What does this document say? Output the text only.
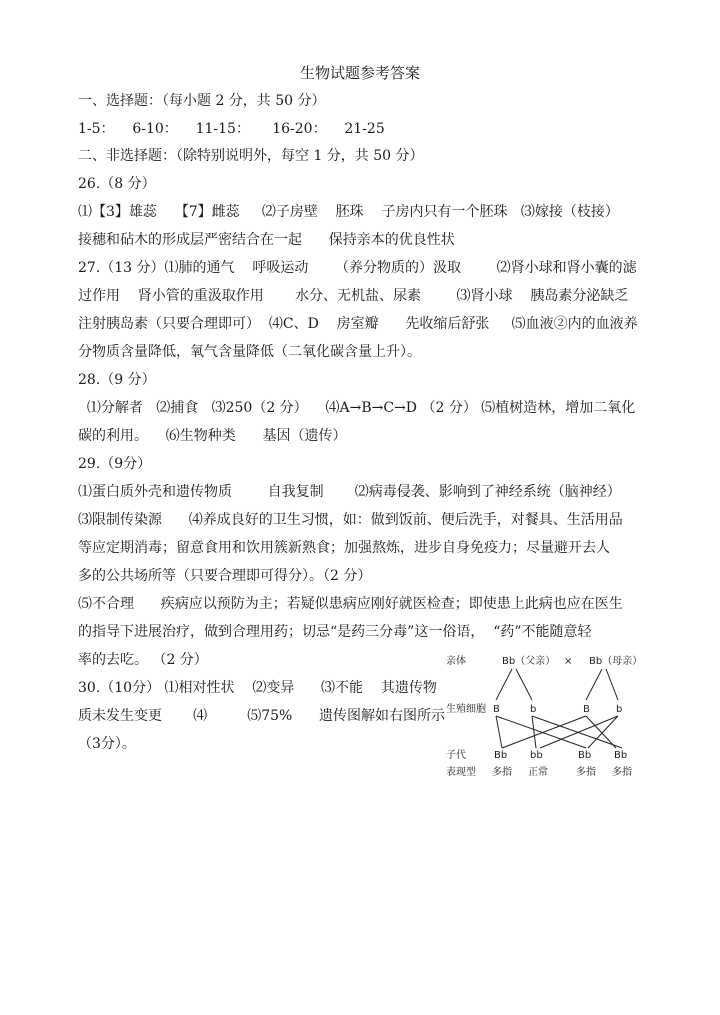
生物试题参考答案
一、选择题：（每小题 2 分，共 50 分）
1-5：    6-10：    11-15：     16-20：    21-25
二、非选择题：（除特别说明外，每空 1 分，共 50 分）
26.（8 分）
⑴【3】雄蕊    【7】雌蕊     ⑵子房壁    胚珠    子房内只有一个胚珠   ⑶嫁接（枝接）
接穗和砧木的形成层严密结合在一起      保持亲本的优良性状
27.（13 分）⑴肺的通气    呼吸运动      （养分物质的）汲取        ⑵肾小球和肾小囊的滤
过作用    肾小管的重汲取作用       水分、无机盐、尿素        ⑶肾小球    胰岛素分泌缺乏
注射胰岛素（只要合理即可）  ⑷C、D    房室瓣      先收缩后舒张     ⑸血液②内的血液养
分物质含量降低，氧气含量降低（二氧化碳含量上升）。
28.（9 分）
⑴分解者   ⑵捕食   ⑶250（2 分）    ⑷A→B→C→D （2 分） ⑸植树造林，增加二氧化
碳的利用。    ⑹生物种类      基因（遗传）
29.（9分）
⑴蛋白质外壳和遗传物质        自我复制       ⑵病毒侵袭、影响到了神经系统（脑神经）
⑶限制传染源      ⑷养成良好的卫生习惯，如：做到饭前、便后洗手，对餐具、生活用品
等应定期消毒；留意食用和饮用簇新熟食；加强熬炼，进步自身免疫力；尽量避开去人
多的公共场所等（只要合理即可得分）。（2 分）
⑸不合理      疾病应以预防为主；若疑似患病应刚好就医检查；即使患上此病也应在医生
的指导下进展治疗，做到合理用药；切忌“是药三分毒”这一俗语，  “药”不能随意轻
率的去吃。 （2 分）
30.（10分） ⑴相对性状    ⑵变异      ⑶不能    其遗传物
质未发生变更       ⑷         ⑸75%      遗传图解如右图所示
（3分）。
亲体	Bb（父亲） × Bb（母亲）
生殖细胞 B	b	B	b
子代	Bb bb	Bb Bb
表现型 多指 正常	多指 多指
